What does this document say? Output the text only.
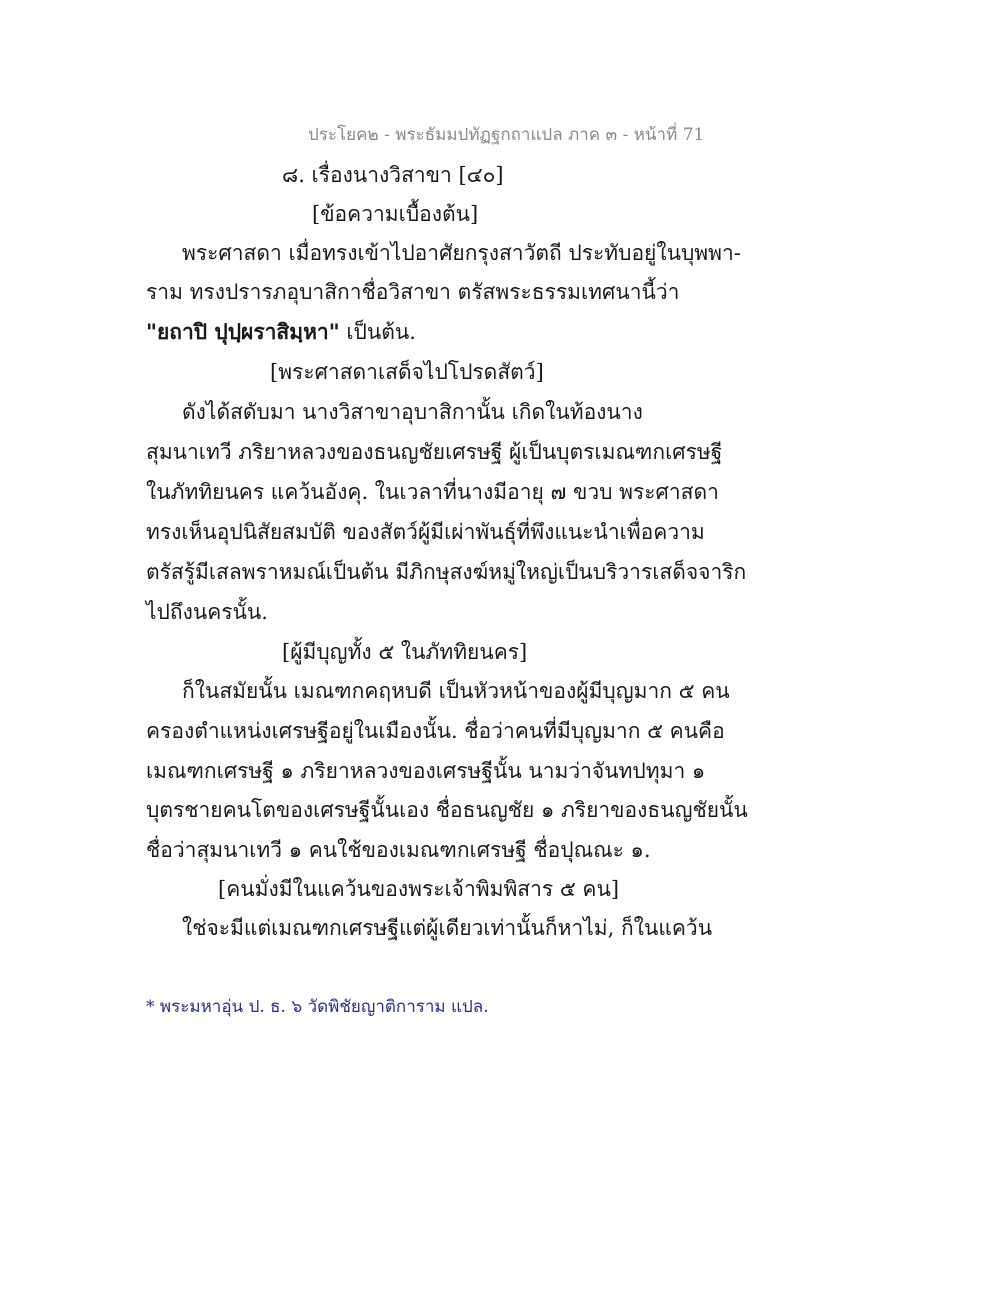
ประโยค๒ - พระธัมมปทัฏฐกถาแปล ภาค ๓ - หน้าที่ 71
๘. เรื่องนางวิสาขา [๔๐]
[ข้อความเบื้องต้น]
พระศาสดา เมื่อทรงเข้าไปอาศัยกรุงสาวัตถี ประทับอยู่ในบุพพา-
ราม ทรงปรารภอุบาสิกาชื่อวิสาขา ตรัสพระธรรมเทศนานี้ว่า
"ยถาปิ ปุปฺผราสิมฺหา" เป็นต้น.
[พระศาสดาเสด็จไปโปรดสัตว์]
ดังได้สดับมา นางวิสาขาอุบาสิกานั้น เกิดในท้องนาง
สุมนาเทวี ภริยาหลวงของธนญชัยเศรษฐี ผู้เป็นบุตรเมณฑกเศรษฐี
ในภัททิยนคร แคว้นอังคุ. ในเวลาที่นางมีอายุ ๗ ขวบ พระศาสดา
ทรงเห็นอุปนิสัยสมบัติ ของสัตว์ผู้มีเผ่าพันธุ์ที่พึงแนะนำเพื่อความ
ตรัสรู้มีเสลพราหมณ์เป็นต้น มีภิกษุสงฆ์หมู่ใหญ่เป็นบริวารเสด็จจาริก
ไปถึงนครนั้น.
[ผู้มีบุญทั้ง ๕ ในภัททิยนคร]
ก็ในสมัยนั้น เมณฑกคฤหบดี เป็นหัวหน้าของผู้มีบุญมาก ๕ คน
ครองตำแหน่งเศรษฐีอยู่ในเมืองนั้น. ชื่อว่าคนที่มีบุญมาก ๕ คนคือ
เมณฑกเศรษฐี ๑ ภริยาหลวงของเศรษฐีนั้น นามว่าจันทปทุมา ๑
บุตรชายคนโตของเศรษฐีนั้นเอง ชื่อธนญชัย ๑ ภริยาของธนญชัยนั้น
ชื่อว่าสุมนาเทวี ๑ คนใช้ของเมณฑกเศรษฐี ชื่อปุณณะ ๑.
[คนมั่งมีในแคว้นของพระเจ้าพิมพิสาร ๕ คน]
ใช่จะมีแต่เมณฑกเศรษฐีแต่ผู้เดียวเท่านั้นก็หาไม่, ก็ในแคว้น
* พระมหาอุ่น ป. ธ. ๖ วัดพิชัยญาติการาม แปล.
